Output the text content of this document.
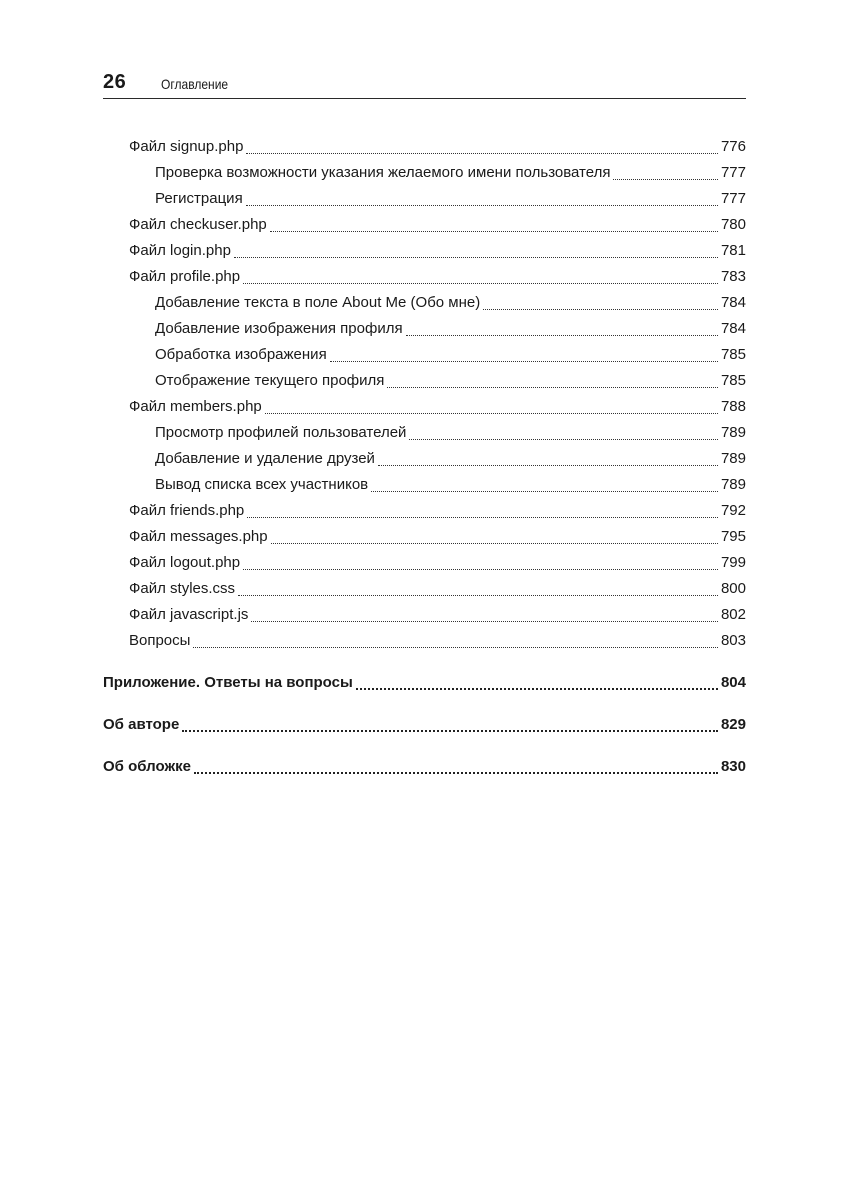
26 Оглавление
Файл signup.php	776
Проверка возможности указания желаемого имени пользователя	777
Регистрация	777
Файл checkuser.php	780
Файл login.php	781
Файл profile.php	783
Добавление текста в поле About Me (Обо мне)	784
Добавление изображения профиля	784
Обработка изображения	785
Отображение текущего профиля	785
Файл members.php	788
Просмотр профилей пользователей	789
Добавление и удаление друзей	789
Вывод списка всех участников	789
Файл friends.php	792
Файл messages.php	795
Файл logout.php	799
Файл styles.css	800
Файл javascript.js	802
Вопросы	803
Приложение. Ответы на вопросы	804
Об авторе	829
Об обложке	830
